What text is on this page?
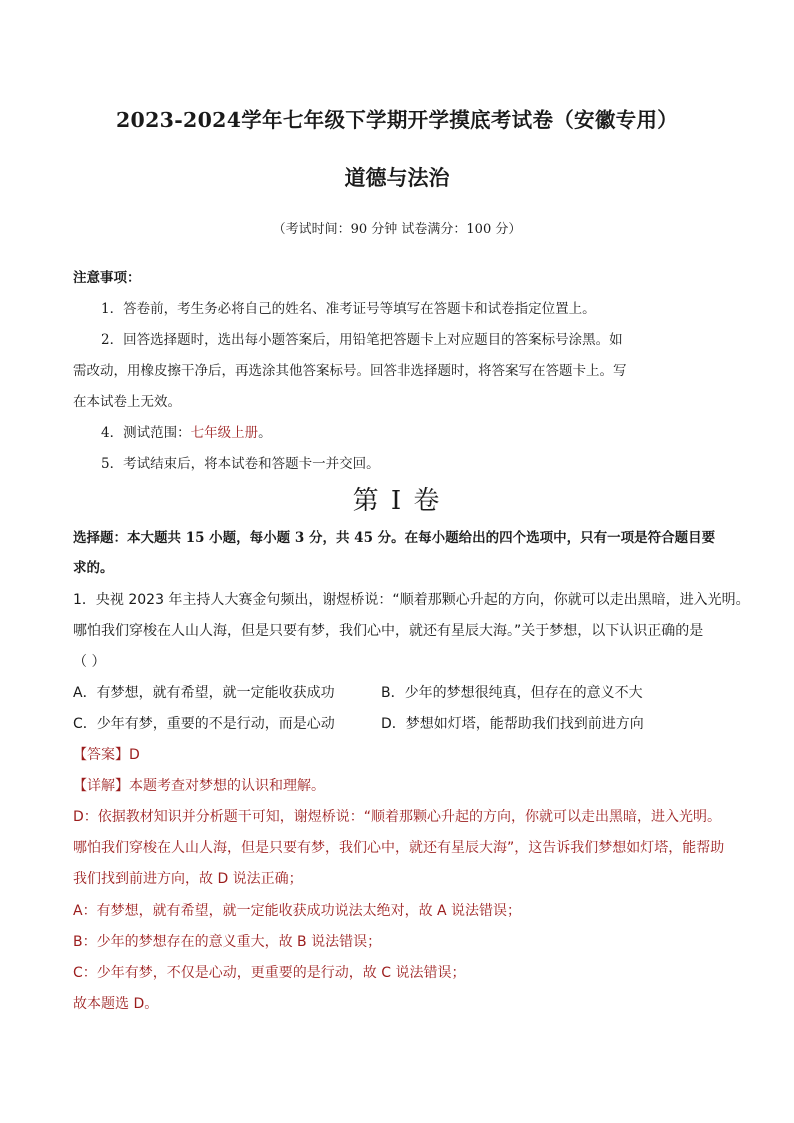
2023-2024学年七年级下学期开学摸底考试卷（安徽专用）
道德与法治
（考试时间：90 分钟 试卷满分：100 分）
注意事项：
1．答卷前，考生务必将自己的姓名、准考证号等填写在答题卡和试卷指定位置上。
2．回答选择题时，选出每小题答案后，用铅笔把答题卡上对应题目的答案标号涂黑。如
需改动，用橡皮擦干净后，再选涂其他答案标号。回答非选择题时，将答案写在答题卡上。写
在本试卷上无效。
4．测试范围：七年级上册。
5．考试结束后，将本试卷和答题卡一并交回。
第 I 卷
选择题：本大题共 15 小题，每小题 3 分，共 45 分。在每小题给出的四个选项中，只有一项是符合题目要
求的。
1．央视 2023 年主持人大赛金句频出，谢煜桥说：“顺着那颗心升起的方向，你就可以走出黑暗，进入光明。
哪怕我们穿梭在人山人海，但是只要有梦，我们心中，就还有星辰大海。”关于梦想，以下认识正确的是
（ ）
A．有梦想，就有希望，就一定能收获成功	B．少年的梦想很纯真，但存在的意义不大
C．少年有梦，重要的不是行动，而是心动	D．梦想如灯塔，能帮助我们找到前进方向
【答案】D
【详解】本题考查对梦想的认识和理解。
D：依据教材知识并分析题干可知，谢煜桥说：“顺着那颗心升起的方向，你就可以走出黑暗，进入光明。
哪怕我们穿梭在人山人海，但是只要有梦，我们心中，就还有星辰大海”，这告诉我们梦想如灯塔，能帮助
我们找到前进方向，故 D 说法正确；
A：有梦想，就有希望，就一定能收获成功说法太绝对，故 A 说法错误；
B：少年的梦想存在的意义重大，故 B 说法错误；
C：少年有梦，不仅是心动，更重要的是行动，故 C 说法错误；
故本题选 D。
